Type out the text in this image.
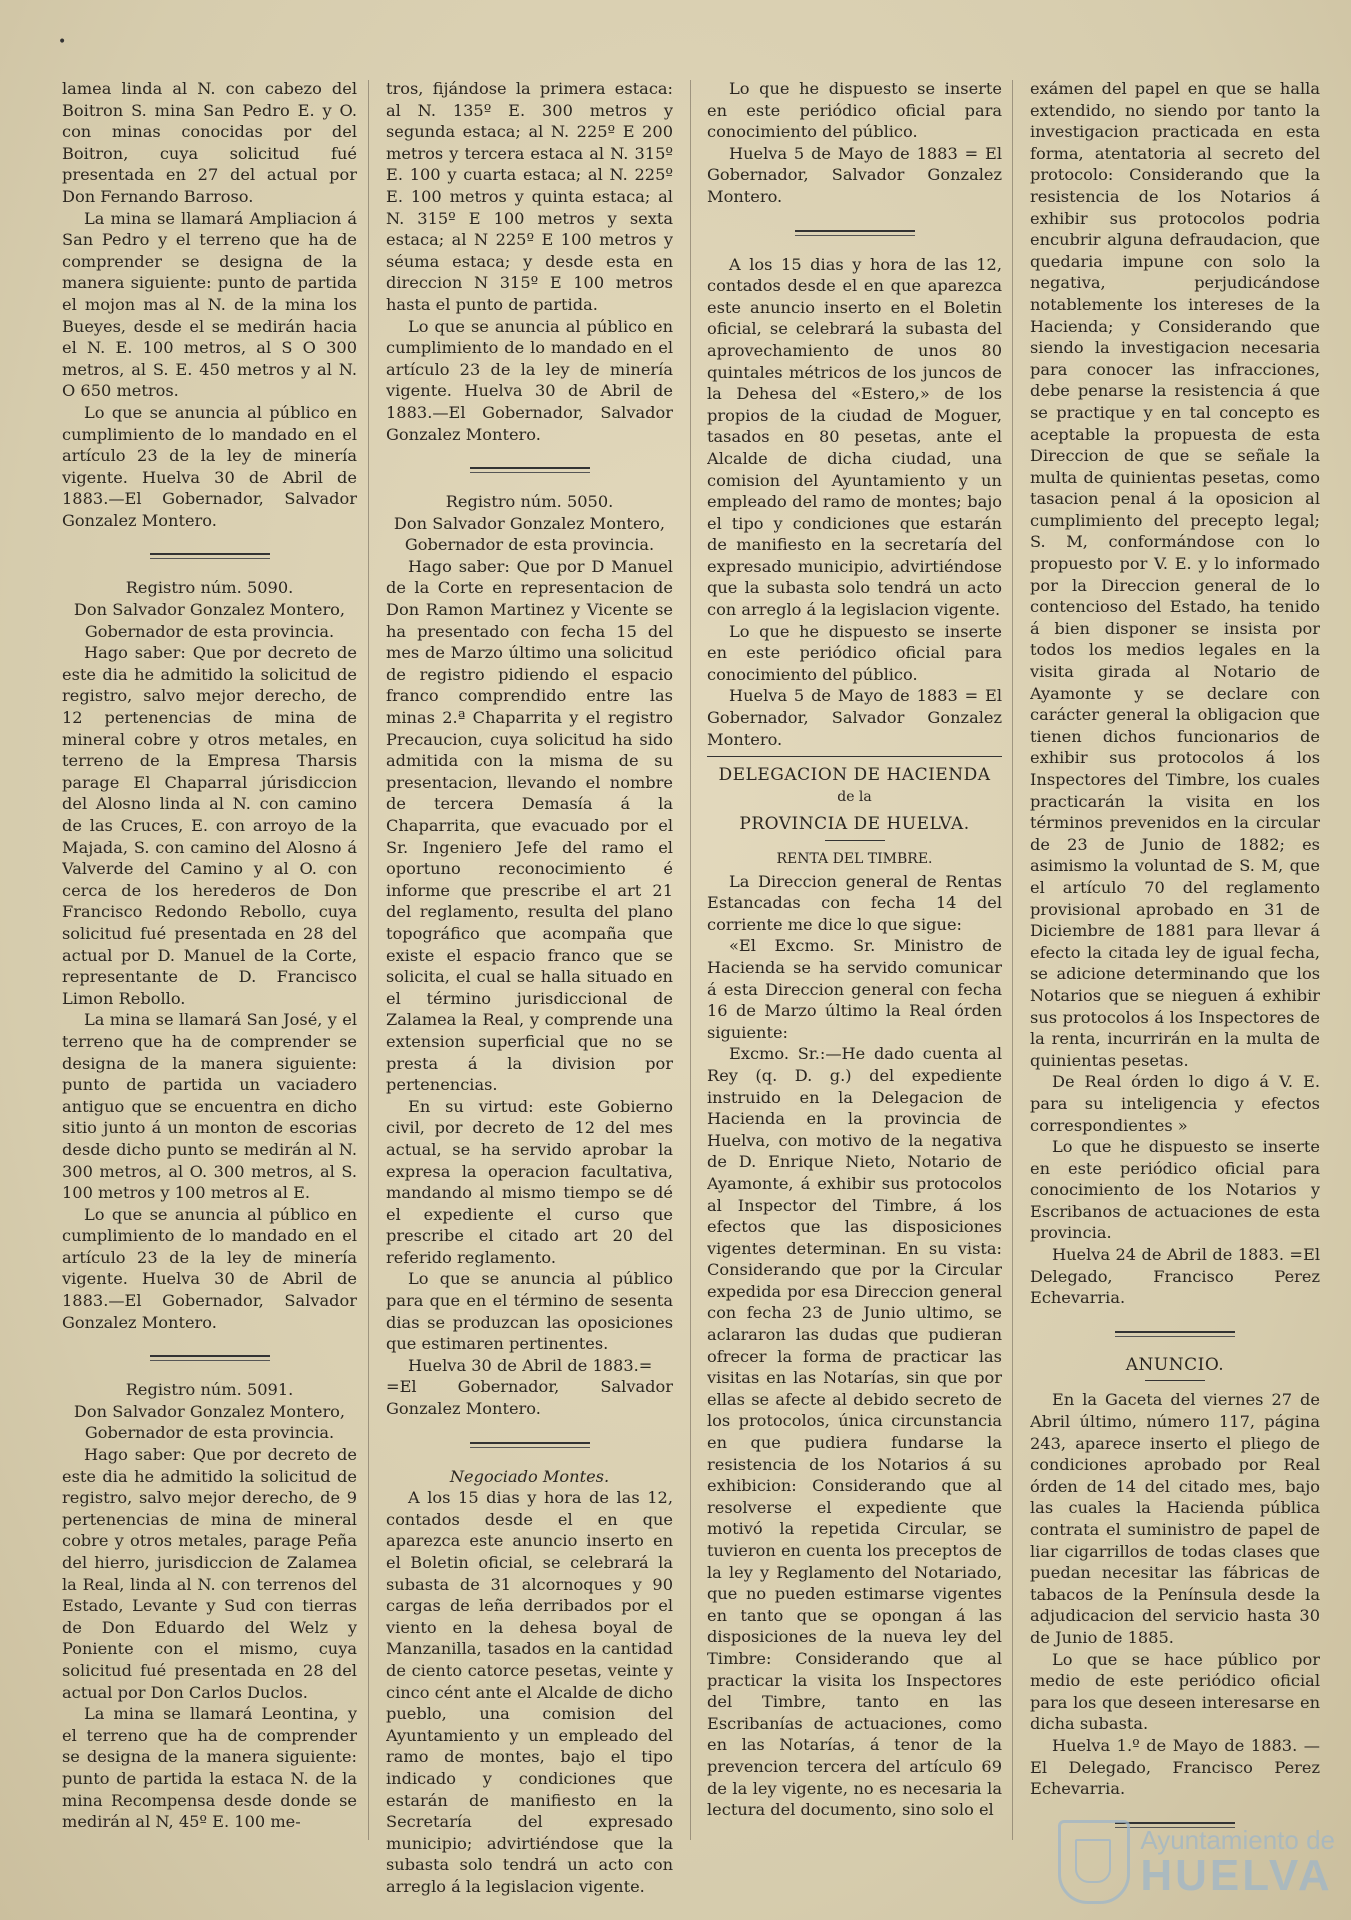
•

lamea linda al N. con cabezo del Boitron S. mina San Pedro E. y O. con minas conocidas por del Boitron, cuya solicitud fué presentada en 27 del actual por Don Fernando Barroso.

La mina se llamará Ampliacion á San Pedro y el terreno que ha de comprender se designa de la manera siguiente: punto de partida el mojon mas al N. de la mina los Bueyes, desde el se medirán hacia el N. E. 100 metros, al S O 300 metros, al S. E. 450 metros y al N. O 650 metros.

Lo que se anuncia al público en cumplimiento de lo mandado en el artículo 23 de la ley de minería vigente. Huelva 30 de Abril de 1883.—El Gobernador, Salvador Gonzalez Montero.

Registro núm. 5090.

Don Salvador Gonzalez Montero, Gobernador de esta provincia.

Hago saber: Que por decreto de este dia he admitido la solicitud de registro, salvo mejor derecho, de 12 pertenencias de mina de mineral cobre y otros metales, en terreno de la Empresa Tharsis parage El Chaparral júrisdiccion del Alosno linda al N. con camino de las Cruces, E. con arroyo de la Majada, S. con camino del Alosno á Valverde del Camino y al O. con cerca de los herederos de Don Francisco Redondo Rebollo, cuya solicitud fué presentada en 28 del actual por D. Manuel de la Corte, representante de D. Francisco Limon Rebollo.

La mina se llamará San José, y el terreno que ha de comprender se designa de la manera siguiente: punto de partida un vaciadero antiguo que se encuentra en dicho sitio junto á un monton de escorias desde dicho punto se medirán al N. 300 metros, al O. 300 metros, al S. 100 metros y 100 metros al E.

Lo que se anuncia al público en cumplimiento de lo mandado en el artículo 23 de la ley de minería vigente. Huelva 30 de Abril de 1883.—El Gobernador, Salvador Gonzalez Montero.

Registro núm. 5091.

Don Salvador Gonzalez Montero, Gobernador de esta provincia.

Hago saber: Que por decreto de este dia he admitido la solicitud de registro, salvo mejor derecho, de 9 pertenencias de mina de mineral cobre y otros metales, parage Peña del hierro, jurisdiccion de Zalamea la Real, linda al N. con terrenos del Estado, Levante y Sud con tierras de Don Eduardo del Welz y Poniente con el mismo, cuya solicitud fué presentada en 28 del actual por Don Carlos Duclos.

La mina se llamará Leontina, y el terreno que ha de comprender se designa de la manera siguiente: punto de partida la estaca N. de la mina Recompensa desde donde se medirán al N, 45º E. 100 me-

tros, fijándose la primera estaca: al N. 135º E. 300 metros y segunda estaca; al N. 225º E 200 metros y tercera estaca al N. 315º E. 100 y cuarta estaca; al N. 225º E. 100 metros y quinta estaca; al N. 315º E 100 metros y sexta estaca; al N 225º E 100 metros y séuma estaca; y desde esta en direccion N 315º E 100 metros hasta el punto de partida.

Lo que se anuncia al público en cumplimiento de lo mandado en el artículo 23 de la ley de minería vigente. Huelva 30 de Abril de 1883.—El Gobernador, Salvador Gonzalez Montero.

Registro núm. 5050.

Don Salvador Gonzalez Montero, Gobernador de esta provincia.

Hago saber: Que por D Manuel de la Corte en representacion de Don Ramon Martinez y Vicente se ha presentado con fecha 15 del mes de Marzo último una solicitud de registro pidiendo el espacio franco comprendido entre las minas 2.ª Chaparrita y el registro Precaucion, cuya solicitud ha sido admitida con la misma de su presentacion, llevando el nombre de tercera Demasía á la Chaparrita, que evacuado por el Sr. Ingeniero Jefe del ramo el oportuno reconocimiento é informe que prescribe el art 21 del reglamento, resulta del plano topográfico que acompaña que existe el espacio franco que se solicita, el cual se halla situado en el término jurisdiccional de Zalamea la Real, y comprende una extension superficial que no se presta á la division por pertenencias.

En su virtud: este Gobierno civil, por decreto de 12 del mes actual, se ha servido aprobar la expresa la operacion facultativa, mandando al mismo tiempo se dé el expediente el curso que prescribe el citado art 20 del referido reglamento.

Lo que se anuncia al público para que en el término de sesenta dias se produzcan las oposiciones que estimaren pertinentes.

Huelva 30 de Abril de 1883.=

=El Gobernador, Salvador Gonzalez Montero.

Negociado Montes.

A los 15 dias y hora de las 12, contados desde el en que aparezca este anuncio inserto en el Boletin oficial, se celebrará la subasta de 31 alcornoques y 90 cargas de leña derribados por el viento en la dehesa boyal de Manzanilla, tasados en la cantidad de ciento catorce pesetas, veinte y cinco cént ante el Alcalde de dicho pueblo, una comision del Ayuntamiento y un empleado del ramo de montes, bajo el tipo indicado y condiciones que estarán de manifiesto en la Secretaría del expresado municipio; advirtiéndose que la subasta solo tendrá un acto con arreglo á la legislacion vigente.

Lo que he dispuesto se inserte en este periódico oficial para conocimiento del público.

Huelva 5 de Mayo de 1883 = El Gobernador, Salvador Gonzalez Montero.

A los 15 dias y hora de las 12, contados desde el en que aparezca este anuncio inserto en el Boletin oficial, se celebrará la subasta del aprovechamiento de unos 80 quintales métricos de los juncos de la Dehesa del «Estero,» de los propios de la ciudad de Moguer, tasados en 80 pesetas, ante el Alcalde de dicha ciudad, una comision del Ayuntamiento y un empleado del ramo de montes; bajo el tipo y condiciones que estarán de manifiesto en la secretaría del expresado municipio, advirtiéndose que la subasta solo tendrá un acto con arreglo á la legislacion vigente.

Lo que he dispuesto se inserte en este periódico oficial para conocimiento del público.

Huelva 5 de Mayo de 1883 = El Gobernador, Salvador Gonzalez Montero.

DELEGACION DE HACIENDA

de la

PROVINCIA DE HUELVA.

RENTA DEL TIMBRE.

La Direccion general de Rentas Estancadas con fecha 14 del corriente me dice lo que sigue:

«El Excmo. Sr. Ministro de Hacienda se ha servido comunicar á esta Direccion general con fecha 16 de Marzo último la Real órden siguiente:

Excmo. Sr.:—He dado cuenta al Rey (q. D. g.) del expediente instruido en la Delegacion de Hacienda en la provincia de Huelva, con motivo de la negativa de D. Enrique Nieto, Notario de Ayamonte, á exhibir sus protocolos al Inspector del Timbre, á los efectos que las disposiciones vigentes determinan. En su vista: Considerando que por la Circular expedida por esa Direccion general con fecha 23 de Junio ultimo, se aclararon las dudas que pudieran ofrecer la forma de practicar las visitas en las Notarías, sin que por ellas se afecte al debido secreto de los protocolos, única circunstancia en que pudiera fundarse la resistencia de los Notarios á su exhibicion: Considerando que al resolverse el expediente que motivó la repetida Circular, se tuvieron en cuenta los preceptos de la ley y Reglamento del Notariado, que no pueden estimarse vigentes en tanto que se opongan á las disposiciones de la nueva ley del Timbre: Considerando que al practicar la visita los Inspectores del Timbre, tanto en las Escribanías de actuaciones, como en las Notarías, á tenor de la prevencion tercera del artículo 69 de la ley vigente, no es necesaria la lectura del documento, sino solo el

exámen del papel en que se halla extendido, no siendo por tanto la investigacion practicada en esta forma, atentatoria al secreto del protocolo: Considerando que la resistencia de los Notarios á exhibir sus protocolos podria encubrir alguna defraudacion, que quedaria impune con solo la negativa, perjudicándose notablemente los intereses de la Hacienda; y Considerando que siendo la investigacion necesaria para conocer las infracciones, debe penarse la resistencia á que se practique y en tal concepto es aceptable la propuesta de esta Direccion de que se señale la multa de quinientas pesetas, como tasacion penal á la oposicion al cumplimiento del precepto legal; S. M, conformándose con lo propuesto por V. E. y lo informado por la Direccion general de lo contencioso del Estado, ha tenido á bien disponer se insista por todos los medios legales en la visita girada al Notario de Ayamonte y se declare con carácter general la obligacion que tienen dichos funcionarios de exhibir sus protocolos á los Inspectores del Timbre, los cuales practicarán la visita en los términos prevenidos en la circular de 23 de Junio de 1882; es asimismo la voluntad de S. M, que el artículo 70 del reglamento provisional aprobado en 31 de Diciembre de 1881 para llevar á efecto la citada ley de igual fecha, se adicione determinando que los Notarios que se nieguen á exhibir sus protocolos á los Inspectores de la renta, incurrirán en la multa de quinientas pesetas.

De Real órden lo digo á V. E. para su inteligencia y efectos correspondientes »

Lo que he dispuesto se inserte en este periódico oficial para conocimiento de los Notarios y Escribanos de actuaciones de esta provincia.

Huelva 24 de Abril de 1883. =El Delegado, Francisco Perez Echevarria.

ANUNCIO.

En la Gaceta del viernes 27 de Abril último, número 117, página 243, aparece inserto el pliego de condiciones aprobado por Real órden de 14 del citado mes, bajo las cuales la Hacienda pública contrata el suministro de papel de liar cigarrillos de todas clases que puedan necesitar las fábricas de tabacos de la Península desde la adjudicacion del servicio hasta 30 de Junio de 1885.

Lo que se hace público por medio de este periódico oficial para los que deseen interesarse en dicha subasta.

Huelva 1.º de Mayo de 1883. —El Delegado, Francisco Perez Echevarria.

Ayuntamiento de
HUELVA
